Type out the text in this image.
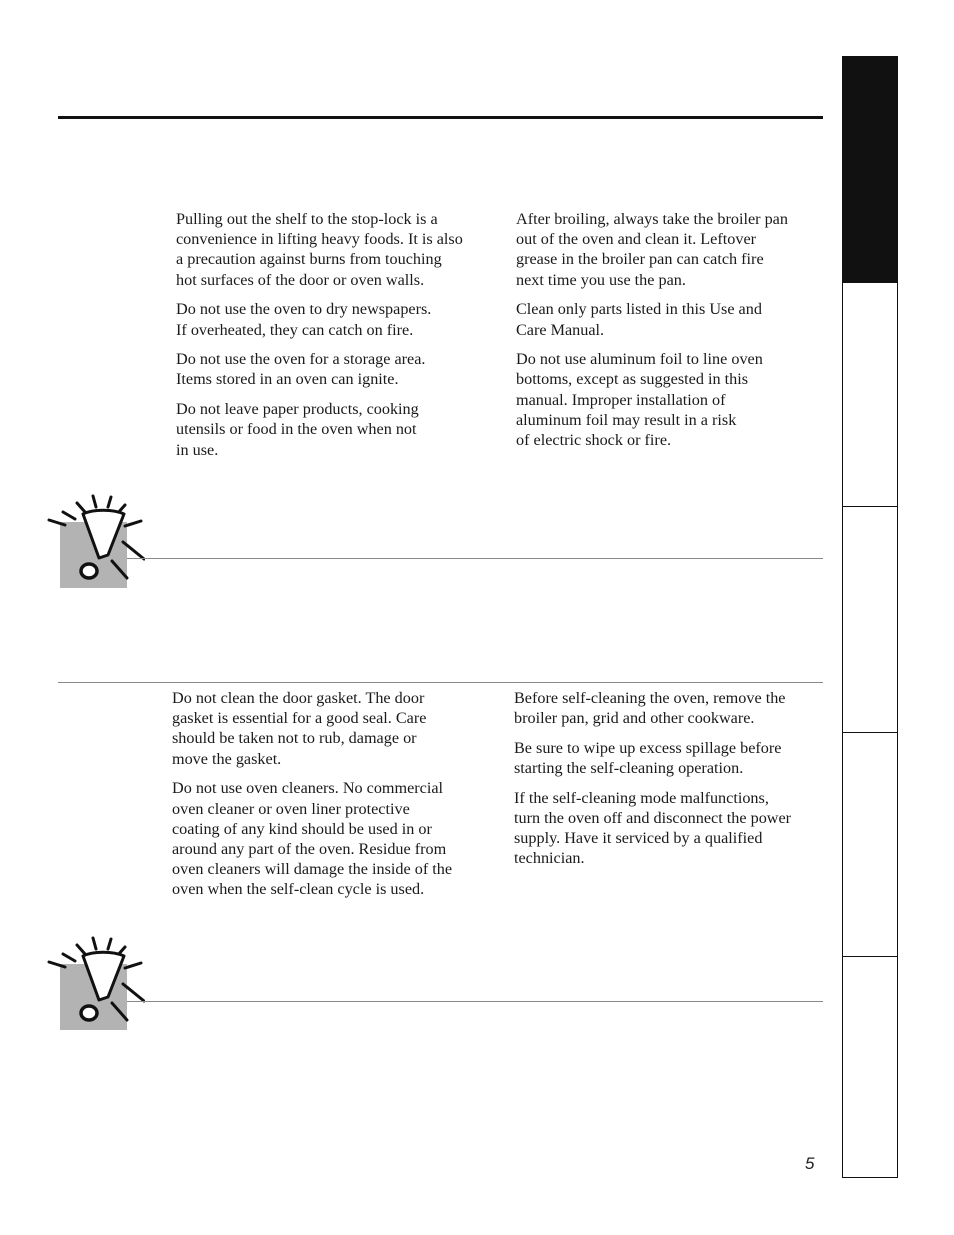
Pulling out the shelf to the stop-lock is a
convenience in lifting heavy foods. It is also
a precaution against burns from touching
hot surfaces of the door or oven walls.

Do not use the oven to dry newspapers.
If overheated, they can catch on fire.

Do not use the oven for a storage area.
Items stored in an oven can ignite.

Do not leave paper products, cooking
utensils or food in the oven when not
in use.

After broiling, always take the broiler pan
out of the oven and clean it. Leftover
grease in the broiler pan can catch fire
next time you use the pan.

Clean only parts listed in this Use and
Care Manual.

Do not use aluminum foil to line oven
bottoms, except as suggested in this
manual. Improper installation of
aluminum foil may result in a risk
of electric shock or fire.

Do not clean the door gasket. The door
gasket is essential for a good seal. Care
should be taken not to rub, damage or
move the gasket.

Do not use oven cleaners. No commercial
oven cleaner or oven liner protective
coating of any kind should be used in or
around any part of the oven. Residue from
oven cleaners will damage the inside of the
oven when the self-clean cycle is used.

Before self-cleaning the oven, remove the
broiler pan, grid and other cookware.

Be sure to wipe up excess spillage before
starting the self-cleaning operation.

If the self-cleaning mode malfunctions,
turn the oven off and disconnect the power
supply. Have it serviced by a qualified
technician.

5
